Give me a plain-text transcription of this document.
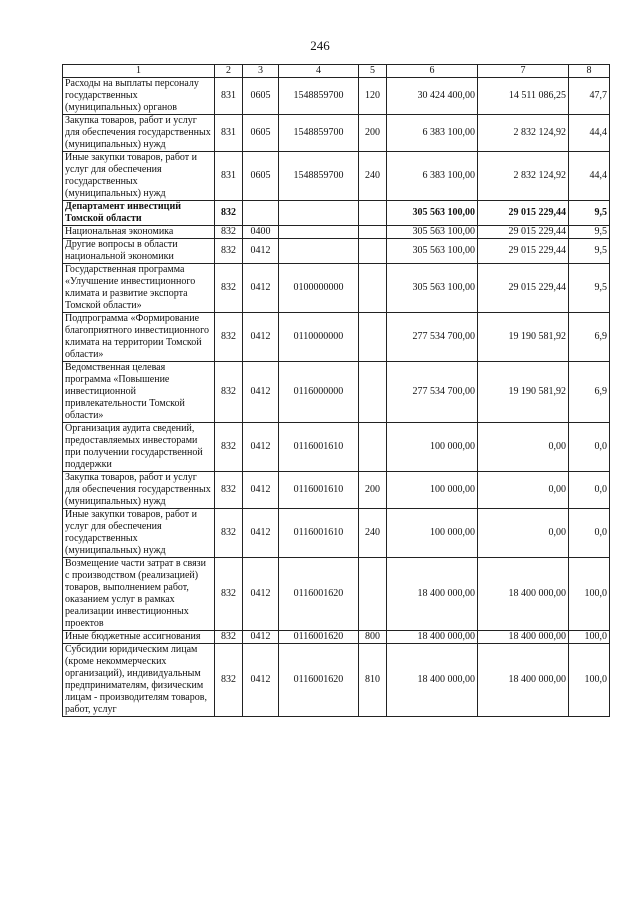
246
1	2	3	4	5	6	7	8
Расходы на выплаты персоналу государственных (муниципальных) органов	831	0605	1548859700	120	30 424 400,00	14 511 086,25	47,7
Закупка товаров, работ и услуг для обеспечения государственных (муниципальных) нужд	831	0605	1548859700	200	6 383 100,00	2 832 124,92	44,4
Иные закупки товаров, работ и услуг для обеспечения государственных (муниципальных) нужд	831	0605	1548859700	240	6 383 100,00	2 832 124,92	44,4
Департамент инвестиций Томской области	832				305 563 100,00	29 015 229,44	9,5
Национальная экономика	832	0400			305 563 100,00	29 015 229,44	9,5
Другие вопросы в области национальной экономики	832	0412			305 563 100,00	29 015 229,44	9,5
Государственная программа «Улучшение инвестиционного климата и развитие экспорта Томской области»	832	0412	0100000000		305 563 100,00	29 015 229,44	9,5
Подпрограмма «Формирование благоприятного инвестиционного климата на территории Томской области»	832	0412	0110000000		277 534 700,00	19 190 581,92	6,9
Ведомственная целевая программа «Повышение инвестиционной привлекательности Томской области»	832	0412	0116000000		277 534 700,00	19 190 581,92	6,9
Организация аудита сведений, предоставляемых инвесторами при получении государственной поддержки	832	0412	0116001610		100 000,00	0,00	0,0
Закупка товаров, работ и услуг для обеспечения государственных (муниципальных) нужд	832	0412	0116001610	200	100 000,00	0,00	0,0
Иные закупки товаров, работ и услуг для обеспечения государственных (муниципальных) нужд	832	0412	0116001610	240	100 000,00	0,00	0,0
Возмещение части затрат в связи с производством (реализацией) товаров, выполнением работ, оказанием услуг в рамках реализации инвестиционных проектов	832	0412	0116001620		18 400 000,00	18 400 000,00	100,0
Иные бюджетные ассигнования	832	0412	0116001620	800	18 400 000,00	18 400 000,00	100,0
Субсидии юридическим лицам (кроме некоммерческих организаций), индивидуальным предпринимателям, физическим лицам - производителям товаров, работ, услуг	832	0412	0116001620	810	18 400 000,00	18 400 000,00	100,0
